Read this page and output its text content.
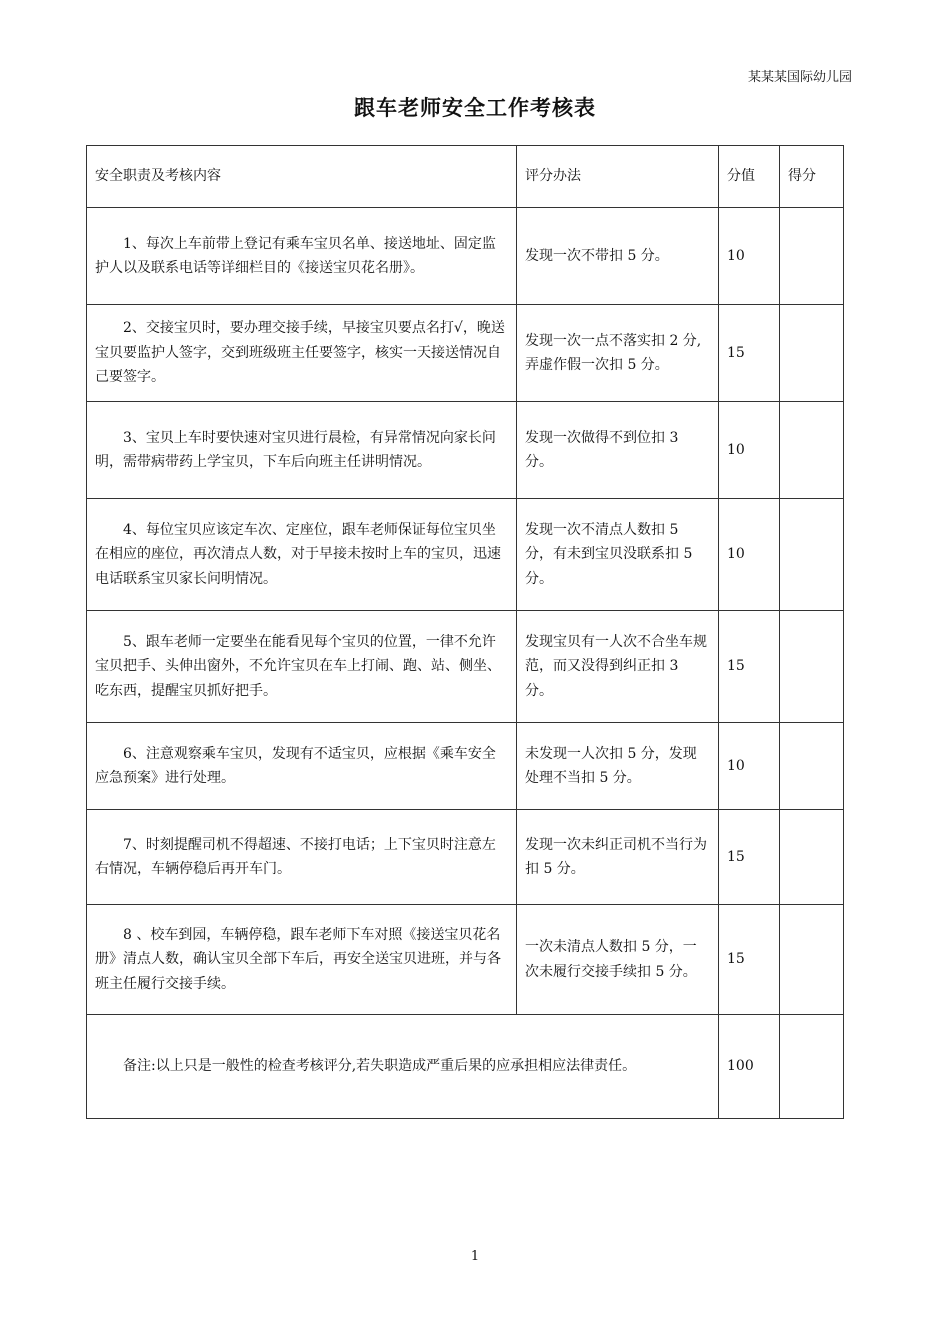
某某某国际幼儿园
跟车老师安全工作考核表
安全职责及考核内容	评分办法	分值	得分
1、每次上车前带上登记有乘车宝贝名单、接送地址、固定监护人以及联系电话等详细栏目的《接送宝贝花名册》。	发现一次不带扣 5 分。	10	
2、交接宝贝时，要办理交接手续，早接宝贝要点名打√，晚送宝贝要监护人签字，交到班级班主任要签字，核实一天接送情况自己要签字。	发现一次一点不落实扣 2 分,弄虚作假一次扣 5 分。	15	
3、宝贝上车时要快速对宝贝进行晨检，有异常情况向家长问明，需带病带药上学宝贝，下车后向班主任讲明情况。	发现一次做得不到位扣 3 分。	10	
4、每位宝贝应该定车次、定座位，跟车老师保证每位宝贝坐在相应的座位，再次清点人数，对于早接未按时上车的宝贝，迅速电话联系宝贝家长问明情况。	发现一次不清点人数扣 5 分，有未到宝贝没联系扣 5 分。	10	
5、跟车老师一定要坐在能看见每个宝贝的位置，一律不允许宝贝把手、头伸出窗外，不允许宝贝在车上打闹、跑、站、侧坐、吃东西，提醒宝贝抓好把手。	发现宝贝有一人次不合坐车规范，而又没得到纠正扣 3 分。	15	
6、注意观察乘车宝贝，发现有不适宝贝，应根据《乘车安全应急预案》进行处理。	未发现一人次扣 5 分，发现处理不当扣 5 分。	10	
7、时刻提醒司机不得超速、不接打电话；上下宝贝时注意左右情况，车辆停稳后再开车门。	发现一次未纠正司机不当行为扣 5 分。	15	
8 、校车到园，车辆停稳，跟车老师下车对照《接送宝贝花名册》清点人数，确认宝贝全部下车后，再安全送宝贝进班，并与各班主任履行交接手续。	一次未清点人数扣 5 分，一次未履行交接手续扣 5 分。	15	
备注:以上只是一般性的检查考核评分,若失职造成严重后果的应承担相应法律责任。		100	
1
